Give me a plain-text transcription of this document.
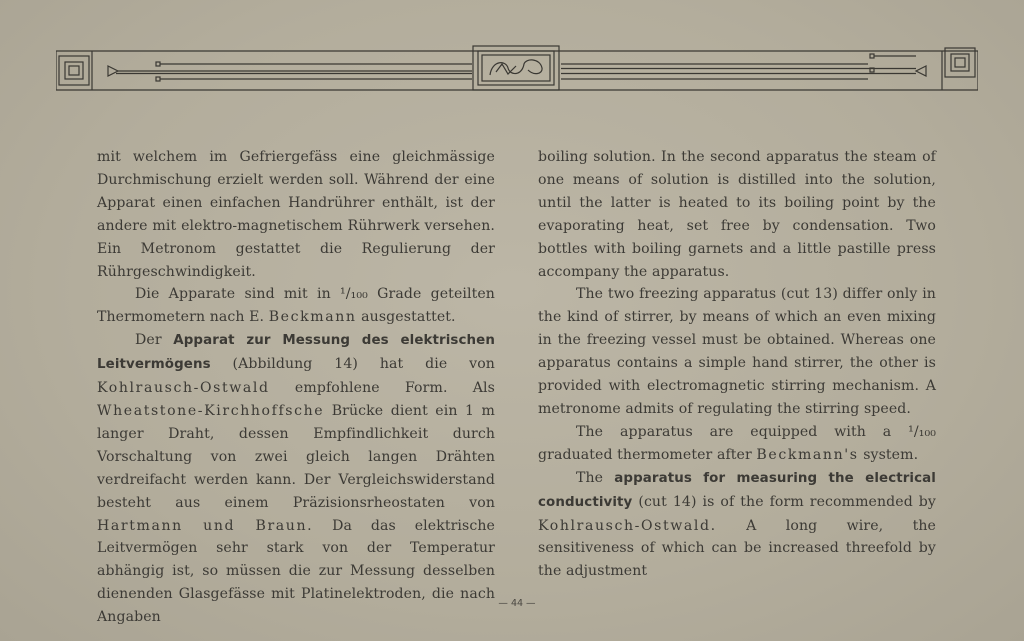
mit welchem im Gefriergefäss eine gleichmässige Durchmischung erzielt werden soll. Während der eine Apparat einen einfachen Handrührer enthält, ist der andere mit elektro-magnetischem Rührwerk versehen. Ein Metronom gestattet die Regulierung der Rührgeschwindigkeit.

Die Apparate sind mit in ¹/₁₀₀ Grade geteilten Thermometern nach E. Beckmann ausgestattet.

Der Apparat zur Messung des elektrischen Leitvermögens (Abbildung 14) hat die von Kohlrausch-Ostwald empfohlene Form. Als Wheatstone-Kirchhoffsche Brücke dient ein 1 m langer Draht, dessen Empfindlichkeit durch Vorschaltung von zwei gleich langen Drähten verdreifacht werden kann. Der Vergleichswiderstand besteht aus einem Präzisionsrheostaten von Hartmann und Braun. Da das elektrische Leitvermögen sehr stark von der Temperatur abhängig ist, so müssen die zur Messung desselben dienenden Glasgefässe mit Platinelektroden, die nach Angaben

boiling solution. In the second apparatus the steam of one means of solution is distilled into the solution, until the latter is heated to its boiling point by the evaporating heat, set free by condensation. Two bottles with boiling garnets and a little pastille press accompany the apparatus.

The two freezing apparatus (cut 13) differ only in the kind of stirrer, by means of which an even mixing in the freezing vessel must be obtained. Whereas one apparatus contains a simple hand stirrer, the other is provided with electromagnetic stirring mechanism. A metronome admits of regulating the stirring speed.

The apparatus are equipped with a ¹/₁₀₀ graduated thermometer after Beckmann's system.

The apparatus for measuring the electrical conductivity (cut 14) is of the form recommended by Kohlrausch-Ostwald. A long wire, the sensitiveness of which can be increased threefold by the adjustment

— 44 —
